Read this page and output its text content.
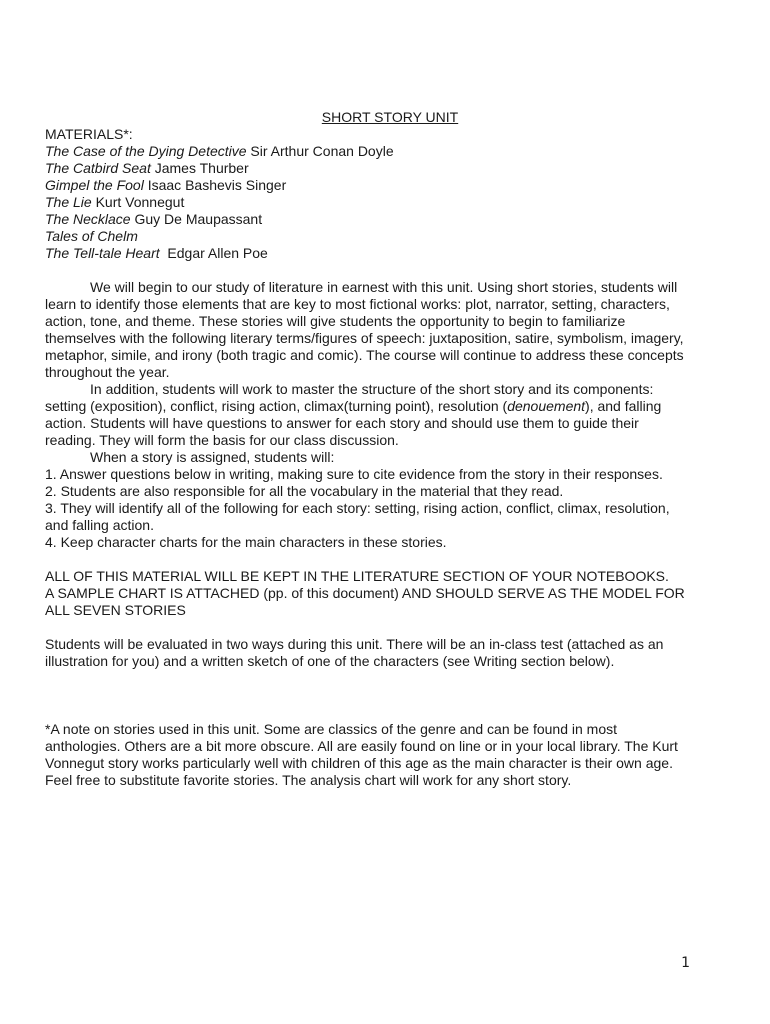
SHORT STORY UNIT
MATERIALS*:
The Case of the Dying Detective Sir Arthur Conan Doyle
The Catbird Seat James Thurber
Gimpel the Fool Isaac Bashevis Singer
The Lie Kurt Vonnegut
The Necklace Guy De Maupassant
Tales of Chelm
The Tell-tale Heart  Edgar Allen Poe

We will begin to our study of literature in earnest with this unit. Using short stories, students will learn to identify those elements that are key to most fictional works: plot, narrator, setting, characters, action, tone, and theme. These stories will give students the opportunity to begin to familiarize themselves with the following literary terms/figures of speech: juxtaposition, satire, symbolism, imagery, metaphor, simile, and irony (both tragic and comic). The course will continue to address these concepts throughout the year.

In addition, students will work to master the structure of the short story and its components: setting (exposition), conflict, rising action, climax(turning point), resolution (denouement), and falling action. Students will have questions to answer for each story and should use them to guide their reading. They will form the basis for our class discussion.

When a story is assigned, students will:

1. Answer questions below in writing, making sure to cite evidence from the story in their responses.

2. Students are also responsible for all the vocabulary in the material that they read.

3. They will identify all of the following for each story: setting, rising action, conflict, climax, resolution, and falling action.

4. Keep character charts for the main characters in these stories.

ALL OF THIS MATERIAL WILL BE KEPT IN THE LITERATURE SECTION OF YOUR NOTEBOOKS.

A SAMPLE CHART IS ATTACHED (pp. of this document) AND SHOULD SERVE AS THE MODEL FOR ALL SEVEN STORIES

Students will be evaluated in two ways during this unit. There will be an in-class test (attached as an illustration for you) and a written sketch of one of the characters (see Writing section below).

*A note on stories used in this unit. Some are classics of the genre and can be found in most anthologies. Others are a bit more obscure. All are easily found on line or in your local library. The Kurt Vonnegut story works particularly well with children of this age as the main character is their own age. Feel free to substitute favorite stories. The analysis chart will work for any short story.

1
